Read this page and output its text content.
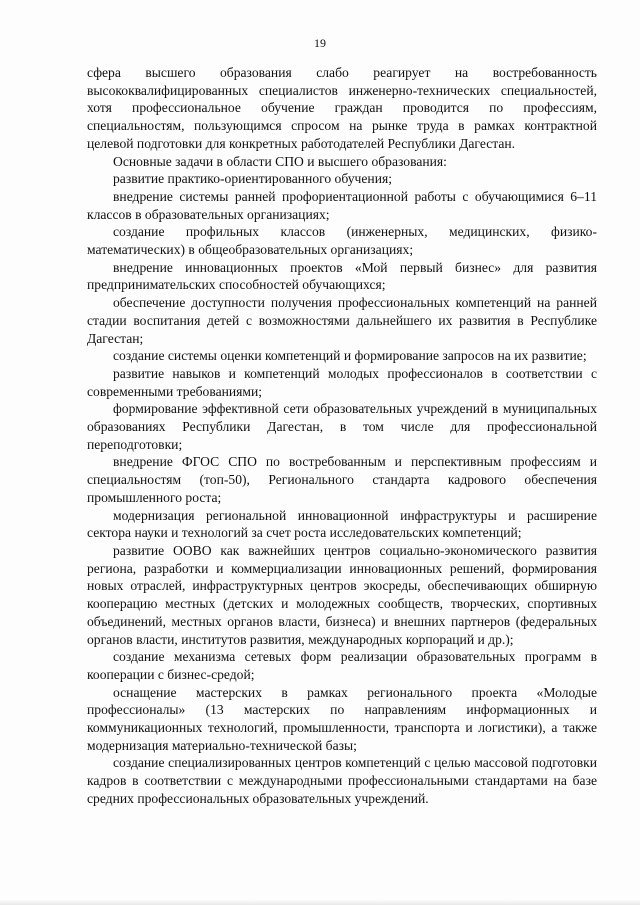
19

сфера высшего образования слабо реагирует на востребованность высококвалифицированных специалистов инженерно-технических специальностей, хотя профессиональное обучение граждан проводится по профессиям, специальностям, пользующимся спросом на рынке труда в рамках контрактной целевой подготовки для конкретных работодателей Республики Дагестан.

Основные задачи в области СПО и высшего образования:

развитие практико-ориентированного обучения;

внедрение системы ранней профориентационной работы с обучающимися 6–11 классов в образовательных организациях;

создание профильных классов (инженерных, медицинских, физико-математических) в общеобразовательных организациях;

внедрение инновационных проектов «Мой первый бизнес» для развития предпринимательских способностей обучающихся;

обеспечение доступности получения профессиональных компетенций на ранней стадии воспитания детей с возможностями дальнейшего их развития в Республике Дагестан;

создание системы оценки компетенций и формирование запросов на их развитие;

развитие навыков и компетенций молодых профессионалов в соответствии с современными требованиями;

формирование эффективной сети образовательных учреждений в муниципальных образованиях Республики Дагестан, в том числе для профессиональной переподготовки;

внедрение ФГОС СПО по востребованным и перспективным профессиям и специальностям (топ-50), Регионального стандарта кадрового обеспечения промышленного роста;

модернизация региональной инновационной инфраструктуры и расширение сектора науки и технологий за счет роста исследовательских компетенций;

развитие ООВО как важнейших центров социально-экономического развития региона, разработки и коммерциализации инновационных решений, формирования новых отраслей, инфраструктурных центров экосреды, обеспечивающих обширную кооперацию местных (детских и молодежных сообществ, творческих, спортивных объединений, местных органов власти, бизнеса) и внешних партнеров (федеральных органов власти, институтов развития, международных корпораций и др.);

создание механизма сетевых форм реализации образовательных программ в кооперации с бизнес-средой;

оснащение мастерских в рамках регионального проекта «Молодые профессионалы» (13 мастерских по направлениям информационных и коммуникационных технологий, промышленности, транспорта и логистики), а также модернизация материально-технической базы;

создание специализированных центров компетенций с целью массовой подготовки кадров в соответствии с международными профессиональными стандартами на базе средних профессиональных образовательных учреждений.
